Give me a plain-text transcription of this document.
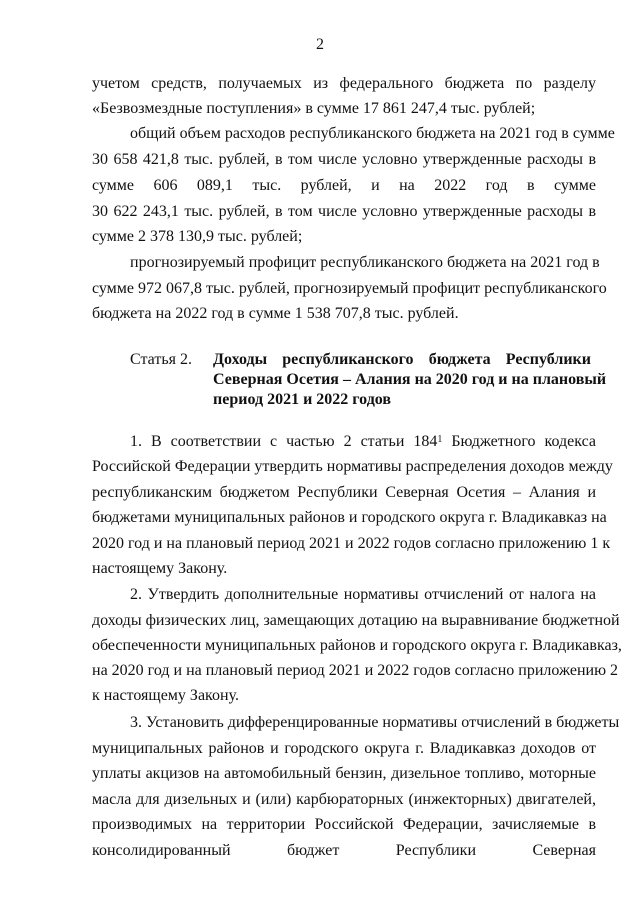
2
учетом средств, получаемых из федерального бюджета по разделу
«Безвозмездные поступления» в сумме 17 861 247,4 тыс. рублей;
общий объем расходов республиканского бюджета на 2021 год в сумме
30 658 421,8 тыс. рублей, в том числе условно утвержденные расходы в
сумме 606 089,1 тыс. рублей, и на 2022 год в сумме
30 622 243,1 тыс. рублей, в том числе условно утвержденные расходы в
сумме 2 378 130,9 тыс. рублей;
прогнозируемый профицит республиканского бюджета на 2021 год в
сумме 972 067,8 тыс. рублей, прогнозируемый профицит республиканского
бюджета на 2022 год в сумме 1 538 707,8 тыс. рублей.
Статья 2. Доходы республиканского бюджета Республики
Северная Осетия – Алания на 2020 год и на плановый
период 2021 и 2022 годов
1. В соответствии с частью 2 статьи $184^1$ Бюджетного кодекса
Российской Федерации утвердить нормативы распределения доходов между
республиканским бюджетом Республики Северная Осетия – Алания и
бюджетами муниципальных районов и городского округа г. Владикавказ на
2020 год и на плановый период 2021 и 2022 годов согласно приложению 1 к
настоящему Закону.
2. Утвердить дополнительные нормативы отчислений от налога на
доходы физических лиц, замещающих дотацию на выравнивание бюджетной
обеспеченности муниципальных районов и городского округа г. Владикавказ,
на 2020 год и на плановый период 2021 и 2022 годов согласно приложению 2
к настоящему Закону.
3. Установить дифференцированные нормативы отчислений в бюджеты
муниципальных районов и городского округа г. Владикавказ доходов от
уплаты акцизов на автомобильный бензин, дизельное топливо, моторные
масла для дизельных и (или) карбюраторных (инжекторных) двигателей,
производимых на территории Российской Федерации, зачисляемые в
консолидированный бюджет Республики Северная
